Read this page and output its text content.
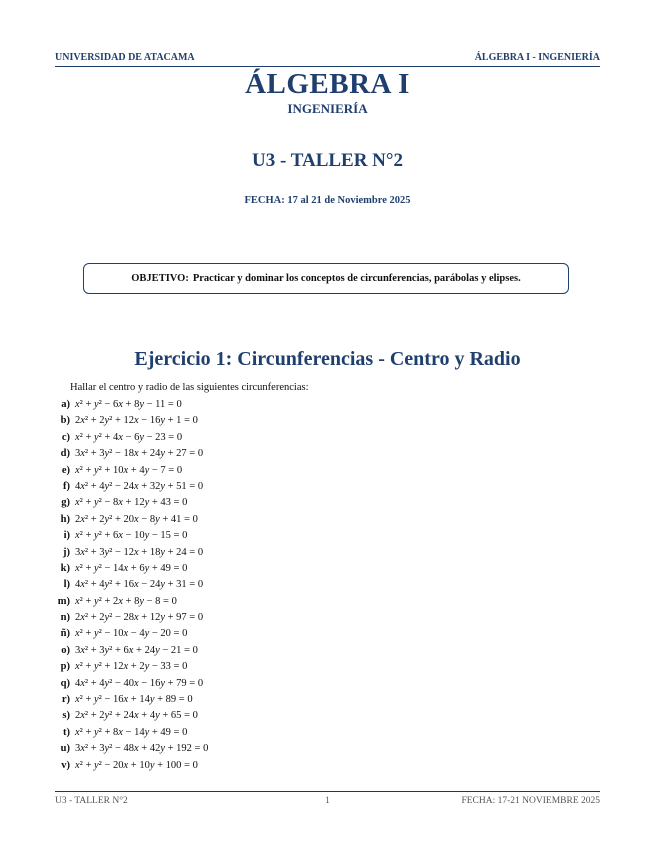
UNIVERSIDAD DE ATACAMA	ÁLGEBRA I - INGENIERÍA
ÁLGEBRA I
INGENIERÍA
U3 - TALLER N°2
FECHA: 17 al 21 de Noviembre 2025
OBJETIVO: Practicar y dominar los conceptos de circunferencias, parábolas y elipses.
Ejercicio 1: Circunferencias - Centro y Radio
Hallar el centro y radio de las siguientes circunferencias:
a) x² + y² − 6x + 8y − 11 = 0
b) 2x² + 2y² + 12x − 16y + 1 = 0
c) x² + y² + 4x − 6y − 23 = 0
d) 3x² + 3y² − 18x + 24y + 27 = 0
e) x² + y² + 10x + 4y − 7 = 0
f) 4x² + 4y² − 24x + 32y + 51 = 0
g) x² + y² − 8x + 12y + 43 = 0
h) 2x² + 2y² + 20x − 8y + 41 = 0
i) x² + y² + 6x − 10y − 15 = 0
j) 3x² + 3y² − 12x + 18y + 24 = 0
k) x² + y² − 14x + 6y + 49 = 0
l) 4x² + 4y² + 16x − 24y + 31 = 0
m) x² + y² + 2x + 8y − 8 = 0
n) 2x² + 2y² − 28x + 12y + 97 = 0
ñ) x² + y² − 10x − 4y − 20 = 0
o) 3x² + 3y² + 6x + 24y − 21 = 0
p) x² + y² + 12x + 2y − 33 = 0
q) 4x² + 4y² − 40x − 16y + 79 = 0
r) x² + y² − 16x + 14y + 89 = 0
s) 2x² + 2y² + 24x + 4y + 65 = 0
t) x² + y² + 8x − 14y + 49 = 0
u) 3x² + 3y² − 48x + 42y + 192 = 0
v) x² + y² − 20x + 10y + 100 = 0
U3 - TALLER N°2	1	FECHA: 17-21 NOVIEMBRE 2025
